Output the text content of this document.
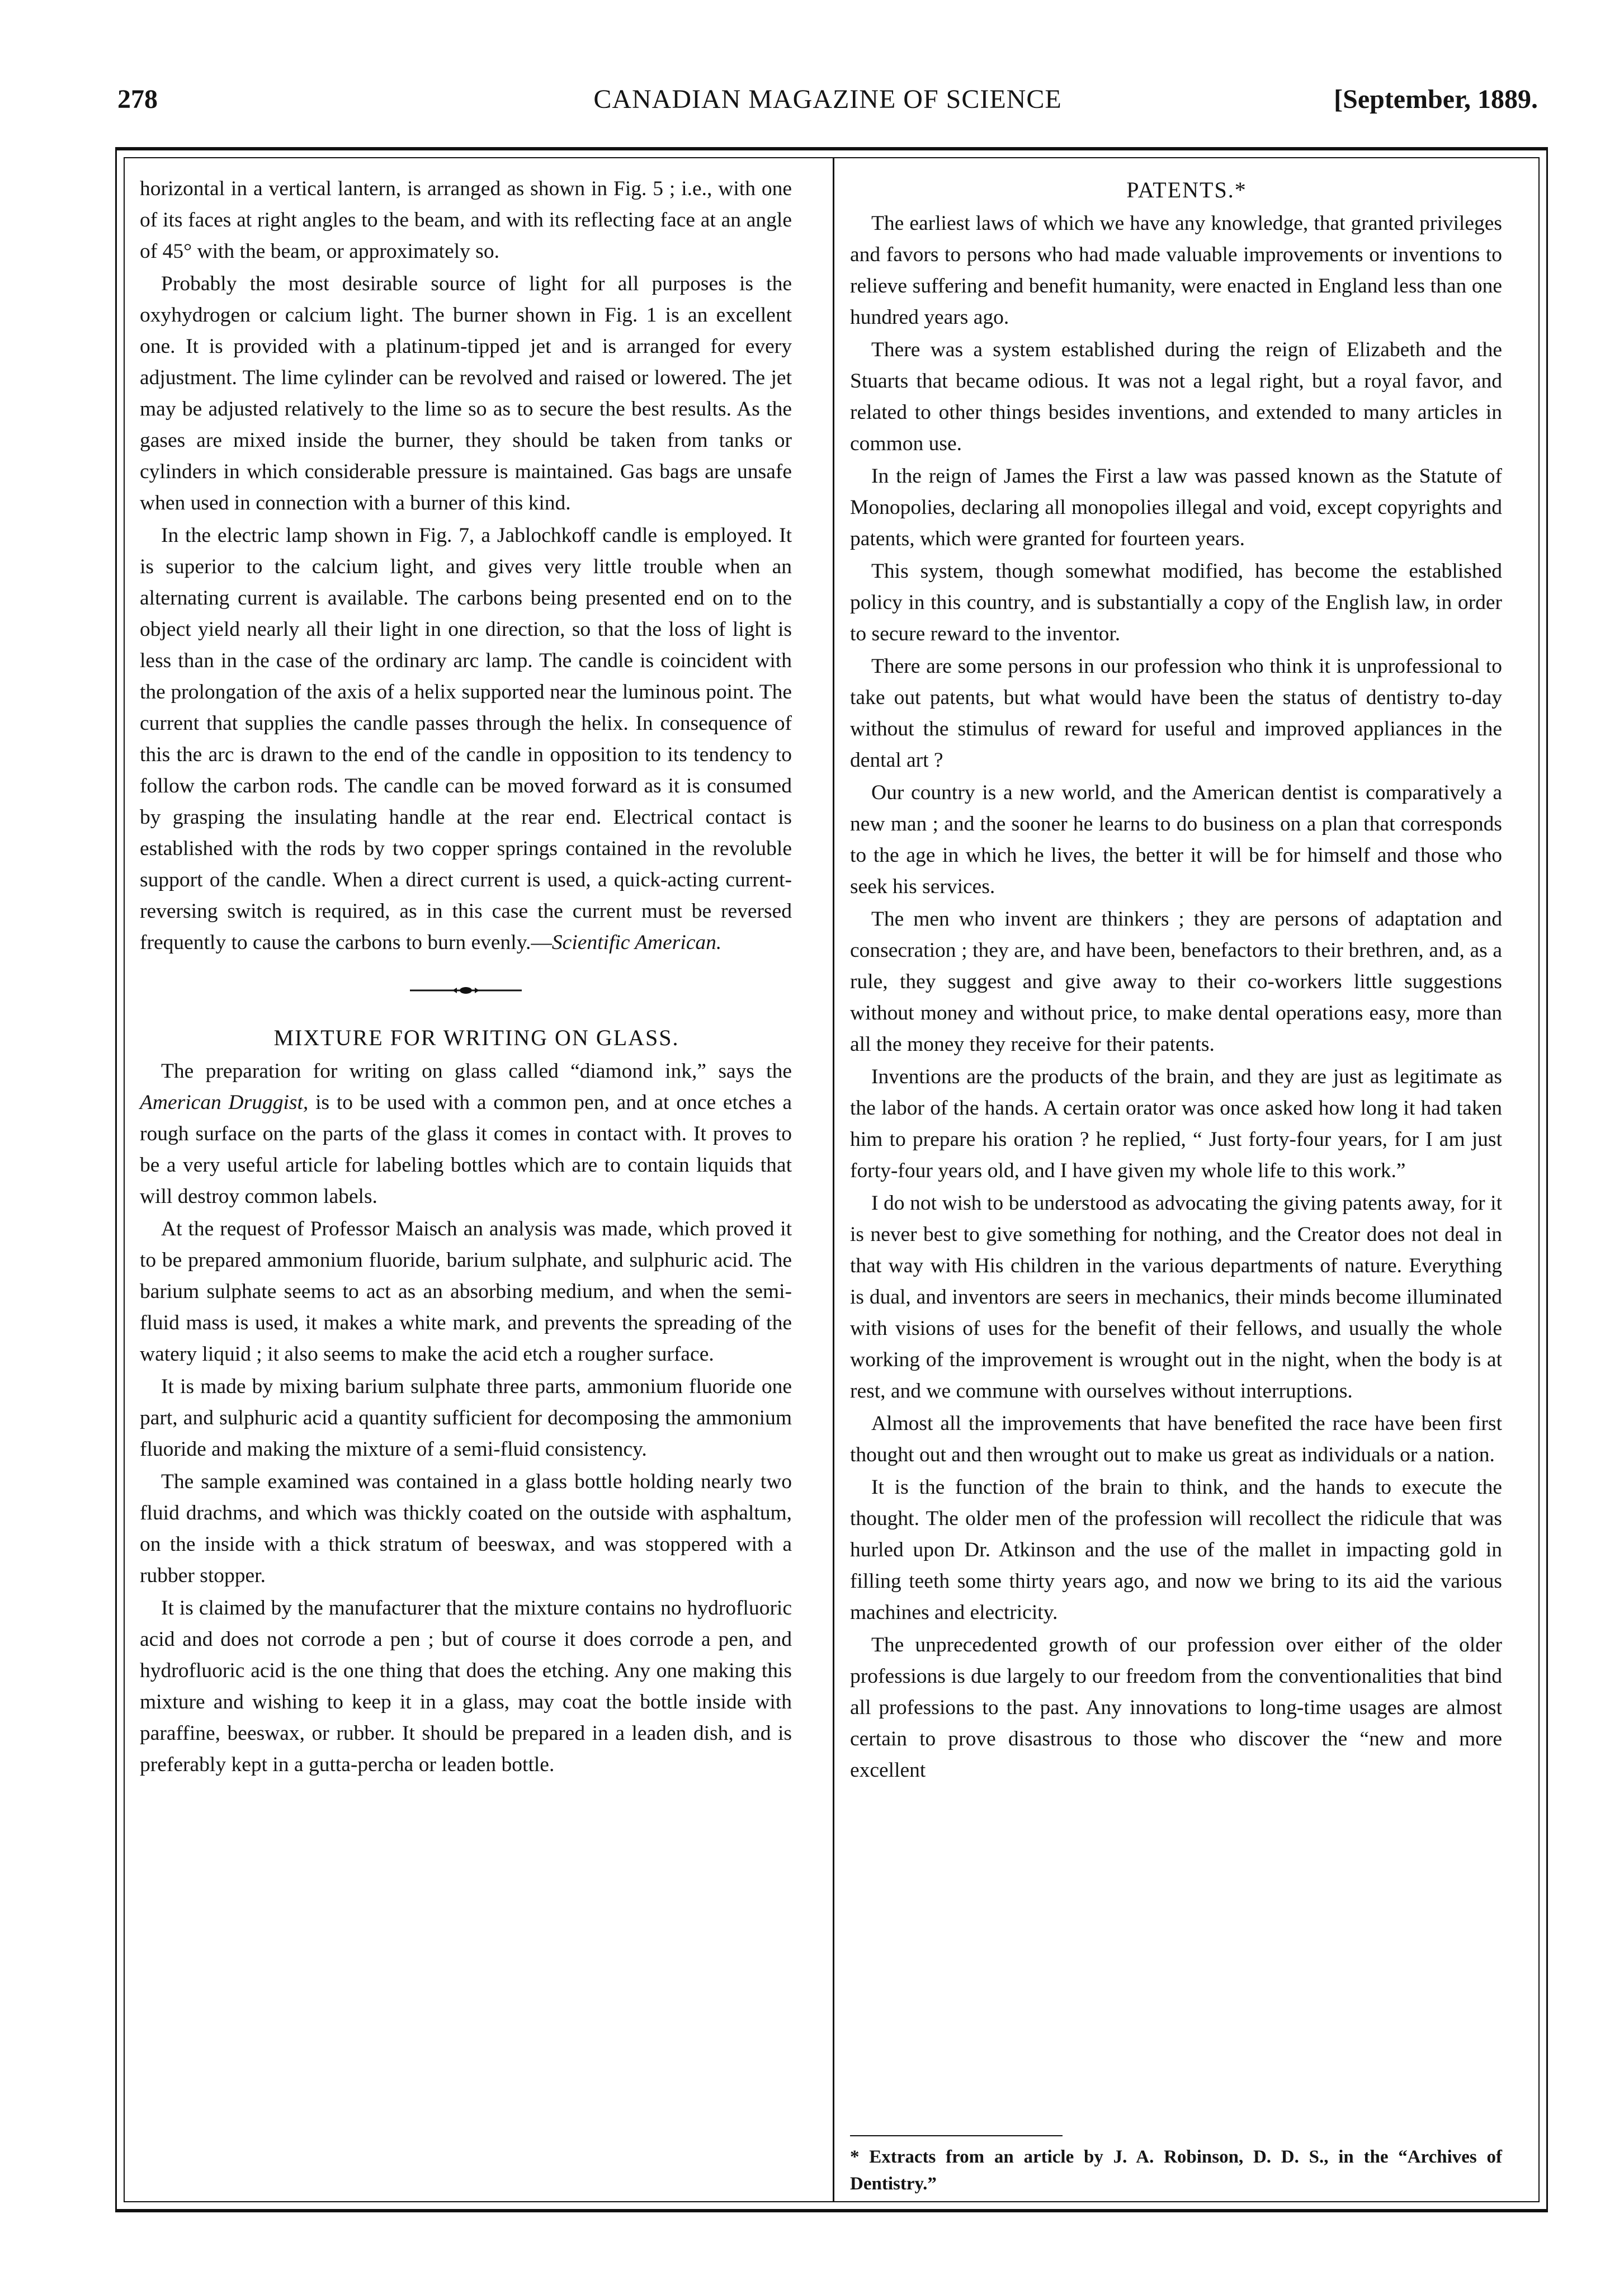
278	CANADIAN MAGAZINE OF SCIENCE	[September, 1889.

horizontal in a vertical lantern, is arranged as shown in Fig. 5 ; i.e., with one of its faces at right angles to the beam, and with its reflecting face at an angle of 45° with the beam, or approximately so.

Probably the most desirable source of light for all purposes is the oxyhydrogen or calcium light. The burner shown in Fig. 1 is an excellent one. It is provided with a platinum-tipped jet and is arranged for every adjustment. The lime cylinder can be revolved and raised or lowered. The jet may be adjusted relatively to the lime so as to secure the best results. As the gases are mixed inside the burner, they should be taken from tanks or cylinders in which considerable pressure is maintained. Gas bags are unsafe when used in connection with a burner of this kind.

In the electric lamp shown in Fig. 7, a Jablochkoff candle is employed. It is superior to the calcium light, and gives very little trouble when an alternating current is available. The carbons being presented end on to the object yield nearly all their light in one direction, so that the loss of light is less than in the case of the ordinary arc lamp. The candle is coincident with the prolongation of the axis of a helix supported near the luminous point. The current that supplies the candle passes through the helix. In consequence of this the arc is drawn to the end of the candle in opposition to its tendency to follow the carbon rods. The candle can be moved forward as it is consumed by grasping the insulating handle at the rear end. Electrical contact is established with the rods by two copper springs contained in the revoluble support of the candle. When a direct current is used, a quick-acting current-reversing switch is required, as in this case the current must be reversed frequently to cause the carbons to burn evenly.—Scientific American.

MIXTURE FOR WRITING ON GLASS.

The preparation for writing on glass called “diamond ink,” says the American Druggist, is to be used with a common pen, and at once etches a rough surface on the parts of the glass it comes in contact with. It proves to be a very useful article for labeling bottles which are to contain liquids that will destroy common labels.

At the request of Professor Maisch an analysis was made, which proved it to be prepared ammonium fluoride, barium sulphate, and sulphuric acid. The barium sulphate seems to act as an absorbing medium, and when the semi-fluid mass is used, it makes a white mark, and prevents the spreading of the watery liquid ; it also seems to make the acid etch a rougher surface.

It is made by mixing barium sulphate three parts, ammonium fluoride one part, and sulphuric acid a quantity sufficient for decomposing the ammonium fluoride and making the mixture of a semi-fluid consistency.

The sample examined was contained in a glass bottle holding nearly two fluid drachms, and which was thickly coated on the outside with asphaltum, on the inside with a thick stratum of beeswax, and was stoppered with a rubber stopper.

It is claimed by the manufacturer that the mixture contains no hydrofluoric acid and does not corrode a pen ; but of course it does corrode a pen, and hydrofluoric acid is the one thing that does the etching. Any one making this mixture and wishing to keep it in a glass, may coat the bottle inside with paraffine, beeswax, or rubber. It should be prepared in a leaden dish, and is preferably kept in a gutta-percha or leaden bottle.

PATENTS.*

The earliest laws of which we have any knowledge, that granted privileges and favors to persons who had made valuable improvements or inventions to relieve suffering and benefit humanity, were enacted in England less than one hundred years ago.

There was a system established during the reign of Elizabeth and the Stuarts that became odious. It was not a legal right, but a royal favor, and related to other things besides inventions, and extended to many articles in common use.

In the reign of James the First a law was passed known as the Statute of Monopolies, declaring all monopolies illegal and void, except copyrights and patents, which were granted for fourteen years.

This system, though somewhat modified, has become the established policy in this country, and is substantially a copy of the English law, in order to secure reward to the inventor.

There are some persons in our profession who think it is unprofessional to take out patents, but what would have been the status of dentistry to-day without the stimulus of reward for useful and improved appliances in the dental art ?

Our country is a new world, and the American dentist is comparatively a new man ; and the sooner he learns to do business on a plan that corresponds to the age in which he lives, the better it will be for himself and those who seek his services.

The men who invent are thinkers ; they are persons of adaptation and consecration ; they are, and have been, benefactors to their brethren, and, as a rule, they suggest and give away to their co-workers little suggestions without money and without price, to make dental operations easy, more than all the money they receive for their patents.

Inventions are the products of the brain, and they are just as legitimate as the labor of the hands. A certain orator was once asked how long it had taken him to prepare his oration ? he replied, “ Just forty-four years, for I am just forty-four years old, and I have given my whole life to this work.”

I do not wish to be understood as advocating the giving patents away, for it is never best to give something for nothing, and the Creator does not deal in that way with His children in the various departments of nature. Everything is dual, and inventors are seers in mechanics, their minds become illuminated with visions of uses for the benefit of their fellows, and usually the whole working of the improvement is wrought out in the night, when the body is at rest, and we commune with ourselves without interruptions.

Almost all the improvements that have benefited the race have been first thought out and then wrought out to make us great as individuals or a nation.

It is the function of the brain to think, and the hands to execute the thought. The older men of the profession will recollect the ridicule that was hurled upon Dr. Atkinson and the use of the mallet in impacting gold in filling teeth some thirty years ago, and now we bring to its aid the various machines and electricity.

The unprecedented growth of our profession over either of the older professions is due largely to our freedom from the conventionalities that bind all professions to the past. Any innovations to long-time usages are almost certain to prove disastrous to those who discover the “new and more excellent

* Extracts from an article by J. A. Robinson, D. D. S., in the “Archives of Dentistry.”
